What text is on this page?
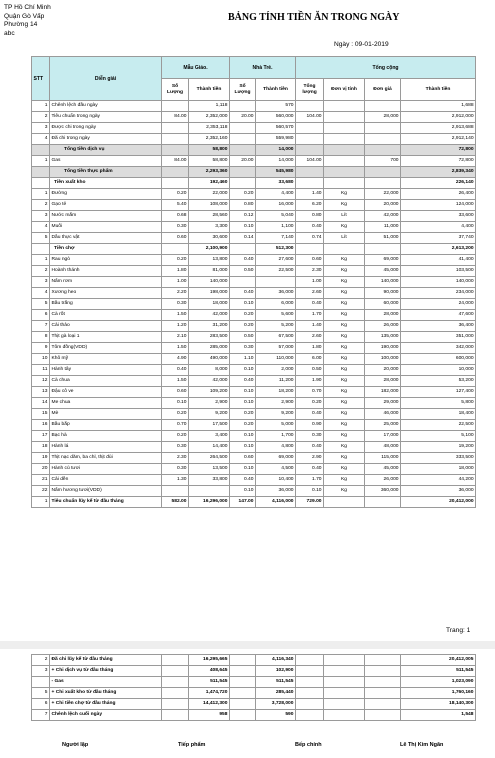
TP Hồ Chí Minh
Quận Gò Vấp
Phường 14
abc
BẢNG TÍNH TIỀN ĂN TRONG NGÀY
Ngày : 09-01-2019
STT	Diễn giải	Mẫu Giáo.		Nhà Trẻ.		Tổng cộng			
		Số Lượng	Thành tiền	Số Lượng	Thành tiền	Tổng lượng	Đơn vị tính	Đơn giá	Thành tiền
1	Chênh lệch đầu ngày		1,118		570				1,688
2	Tiêu chuẩn trong ngày	84.00	2,352,000	20.00	560,000	104.00		28,000	2,912,000
3	Được chi trong ngày		2,353,118		560,570				2,913,688
4	Đã chi trong ngày		2,352,160		559,980				2,912,140
	Tổng tiền dịch vụ		58,800		14,000				72,800
1	Gas	84.00	58,800	20.00	14,000	104.00		700	72,800
	Tổng tiền thực phẩm		2,293,360		545,980				2,839,340
	Tiền xuất kho		192,460		33,680				226,140
1	Đường	0.20	22,000	0.20	4,400	1.40	Kg	22,000	26,400
2	Gạo tẻ	5.40	108,000	0.80	16,000	6.20	Kg	20,000	124,000
3	Nước mắm	0.68	28,560	0.12	5,040	0.80	Lít	42,000	33,600
4	Muối	0.30	3,300	0.10	1,100	0.40	Kg	11,000	4,400
5	Dầu thực vật	0.60	30,600	0.14	7,140	0.74	Lít	51,000	37,740
	Tiền chợ		2,100,900		512,300				2,613,200
1	Rau ngò	0.20	13,800	0.40	27,600	0.60	Kg	69,000	41,400
2	Hoành thánh	1.80	81,000	0.50	22,500	2.30	Kg	45,000	103,500
3	Nấm rơm	1.00	140,000			1.00	Kg	140,000	140,000
4	Xương heo	2.20	198,000	0.40	36,000	2.60	Kg	90,000	234,000
5	Bầu trắng	0.30	18,000	0.10	6,000	0.40	Kg	60,000	24,000
6	Cà rốt	1.50	42,000	0.20	5,600	1.70	Kg	28,000	47,600
7	Cải thảo	1.20	31,200	0.20	5,200	1.40	Kg	26,000	36,400
8	Thịt gà loại 1	2.10	283,500	0.50	67,500	2.60	Kg	135,000	351,000
9	Tôm đồng(VDD)	1.50	285,000	0.30	57,000	1.80	Kg	190,000	342,000
10	Khô mỹ	4.90	490,000	1.10	110,000	6.00	Kg	100,000	600,000
11	Hành tây	0.40	8,000	0.10	2,000	0.50	Kg	20,000	10,000
12	Cà chua	1.50	42,000	0.40	11,200	1.90	Kg	28,000	53,200
13	Đậu cô ve	0.60	109,200	0.10	18,200	0.70	Kg	182,000	127,400
14	Me chua	0.10	2,900	0.10	2,900	0.20	Kg	29,000	5,800
15	Mè	0.20	9,200	0.20	9,200	0.40	Kg	46,000	18,400
16	Bầu bắp	0.70	17,500	0.20	5,000	0.90	Kg	25,000	22,500
17	Bạc hà	0.20	3,400	0.10	1,700	0.30	Kg	17,000	5,100
18	Hành lá	0.30	14,400	0.10	4,800	0.40	Kg	48,000	19,200
19	Thịt nạc dăm, ba chỉ, thịt đùi	2.30	264,500	0.60	69,000	2.90	Kg	115,000	333,500
20	Hành củ tươi	0.30	13,500	0.10	4,500	0.40	Kg	45,000	18,000
21	Cải dền	1.30	33,800	0.40	10,400	1.70	Kg	26,000	44,200
22	Nấm hương tươi(VDD)			0.10	36,000	0.10	Kg	360,000	36,000
1	Tiêu chuẩn lũy kế từ đầu tháng	582.00	16,296,000	147.00	4,116,000	729.00			20,412,000
Trang: 1
2	Đã chi lũy kế từ đầu tháng		16,295,665		4,116,340				20,412,005
3	+ Chi dịch vụ từ đầu tháng		408,645		102,900				511,545
	- Gas		511,545		511,545				1,023,090
5	+ Chi xuất kho từ đầu tháng		1,474,720		285,440				1,760,160
6	+ Chi tiền chợ từ đầu tháng		14,412,300		3,728,000				18,140,300
7	Chênh lệch cuối ngày		958		590				1,548
Người lập	Tiếp phẩm	Bếp chính	Lê Thị Kim Ngân
